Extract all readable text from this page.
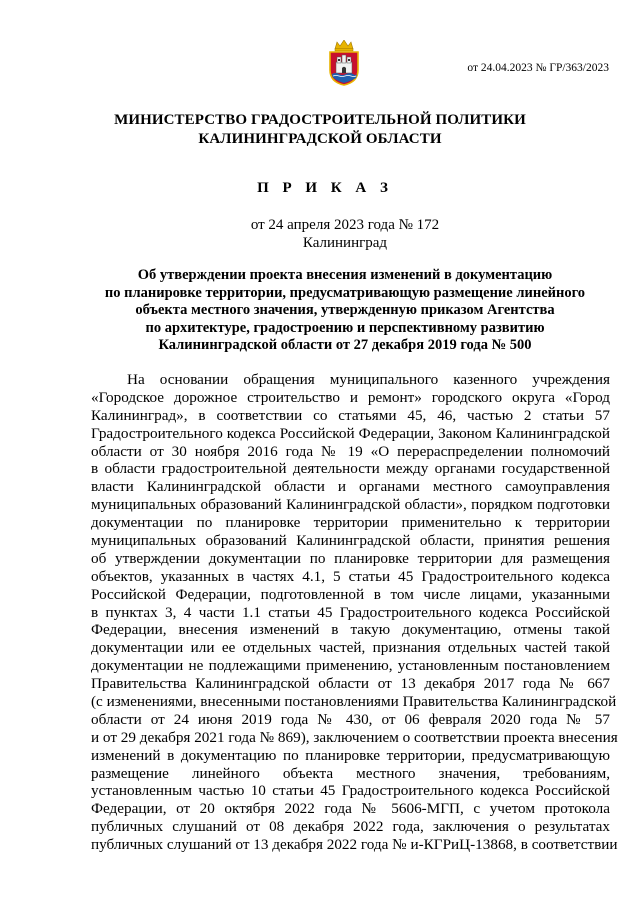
от 24.04.2023 № ГР/363/2023
МИНИСТЕРСТВО ГРАДОСТРОИТЕЛЬНОЙ ПОЛИТИКИ
КАЛИНИНГРАДСКОЙ ОБЛАСТИ
П Р И К А З
от 24 апреля 2023 года № 172
Калининград
Об утверждении проекта внесения изменений в документацию
по планировке территории, предусматривающую размещение линейного
объекта местного значения, утвержденную приказом Агентства
по архитектуре, градостроению и перспективному развитию
Калининградской области от 27 декабря 2019 года № 500
На основании обращения муниципального казенного учреждения
«Городское дорожное строительство и ремонт» городского округа «Город
Калининград», в соответствии со статьями 45, 46, частью 2 статьи 57
Градостроительного кодекса Российской Федерации, Законом Калининградской
области от 30 ноября 2016 года № 19 «О перераспределении полномочий
в области градостроительной деятельности между органами государственной
власти Калининградской области и органами местного самоуправления
муниципальных образований Калининградской области», порядком подготовки
документации по планировке территории применительно к территории
муниципальных образований Калининградской области, принятия решения
об утверждении документации по планировке территории для размещения
объектов, указанных в частях 4.1, 5 статьи 45 Градостроительного кодекса
Российской Федерации, подготовленной в том числе лицами, указанными
в пунктах 3, 4 части 1.1 статьи 45 Градостроительного кодекса Российской
Федерации, внесения изменений в такую документацию, отмены такой
документации или ее отдельных частей, признания отдельных частей такой
документации не подлежащими применению, установленным постановлением
Правительства Калининградской области от 13 декабря 2017 года № 667
(с изменениями, внесенными постановлениями Правительства Калининградской
области от 24 июня 2019 года № 430, от 06 февраля 2020 года № 57
и от 29 декабря 2021 года № 869), заключением о соответствии проекта внесения
изменений в документацию по планировке территории, предусматривающую
размещение линейного объекта местного значения, требованиям,
установленным частью 10 статьи 45 Градостроительного кодекса Российской
Федерации, от 20 октября 2022 года № 5606-МГП, с учетом протокола
публичных слушаний от 08 декабря 2022 года, заключения о результатах
публичных слушаний от 13 декабря 2022 года № и-КГРиЦ-13868, в соответствии
